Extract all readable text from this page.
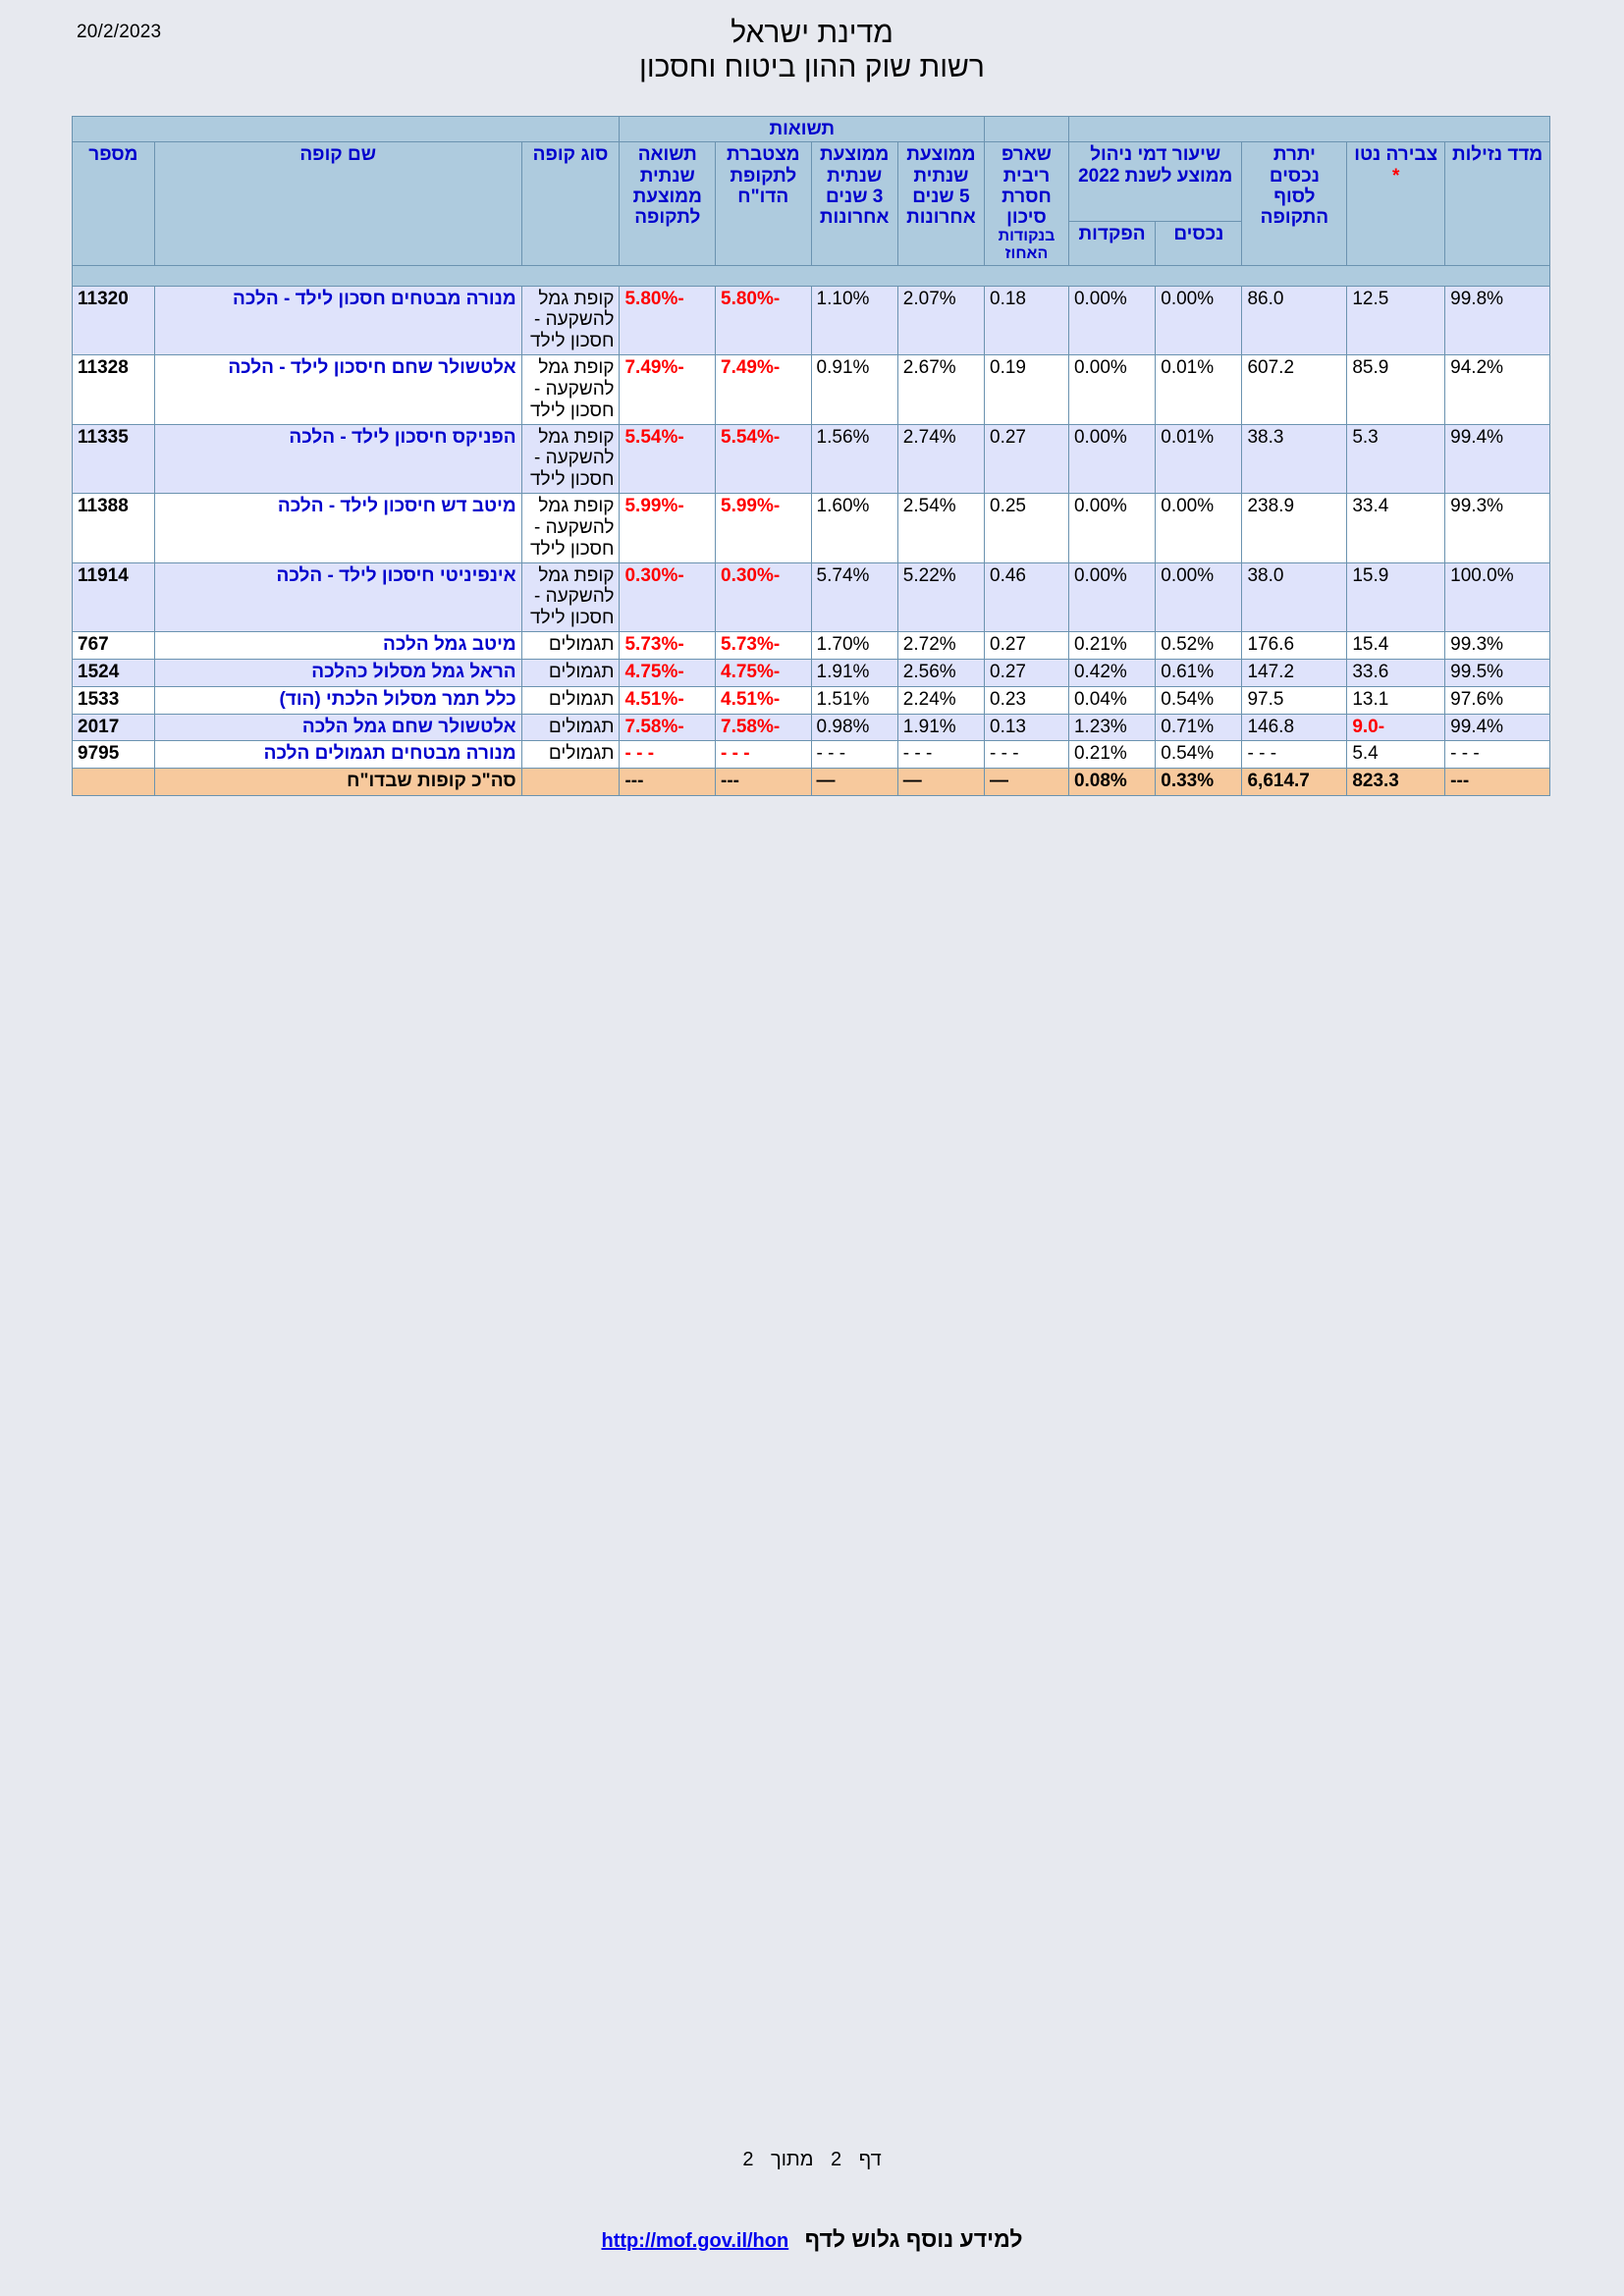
20/2/2023	מדינת ישראל
רשות שוק ההון ביטוח וחסכון
						תשואות						
מדד נזילות	צבירה נטו *	יתרת נכסים לסוף התקופה	שיעור דמי ניהול ממוצע לשנת 2022		שארפ ריבית חסרת סיכון
בנקודות האחוז	ממוצעת שנתית 5 שנים אחרונות	ממוצעת שנתית 3 שנים אחרונות	מצטברת לתקופת הדו"ח	תשואה שנתית ממוצעת לתקופה	סוג קופה	שם קופה	מספר
			נכסים	הפקדות								

99.8%	12.5	86.0	0.00%	0.00%	0.18	2.07%	1.10%	-5.80%	-5.80%	קופת גמל להשקעה - חסכון לילד	מנורה מבטחים חסכון לילד - הלכה	11320
94.2%	85.9	607.2	0.01%	0.00%	0.19	2.67%	0.91%	-7.49%	-7.49%	קופת גמל להשקעה - חסכון לילד	אלטשולר שחם חיסכון לילד - הלכה	11328
99.4%	5.3	38.3	0.01%	0.00%	0.27	2.74%	1.56%	-5.54%	-5.54%	קופת גמל להשקעה - חסכון לילד	הפניקס חיסכון לילד - הלכה	11335
99.3%	33.4	238.9	0.00%	0.00%	0.25	2.54%	1.60%	-5.99%	-5.99%	קופת גמל להשקעה - חסכון לילד	מיטב דש חיסכון לילד - הלכה	11388
100.0%	15.9	38.0	0.00%	0.00%	0.46	5.22%	5.74%	-0.30%	-0.30%	קופת גמל להשקעה - חסכון לילד	אינפיניטי חיסכון לילד - הלכה	11914
99.3%	15.4	176.6	0.52%	0.21%	0.27	2.72%	1.70%	-5.73%	-5.73%	תגמולים	מיטב גמל הלכה	767
99.5%	33.6	147.2	0.61%	0.42%	0.27	2.56%	1.91%	-4.75%	-4.75%	תגמולים	הראל גמל מסלול כהלכה	1524
97.6%	13.1	97.5	0.54%	0.04%	0.23	2.24%	1.51%	-4.51%	-4.51%	תגמולים	כלל תמר מסלול הלכתי (הוד)	1533
99.4%	-9.0	146.8	0.71%	1.23%	0.13	1.91%	0.98%	-7.58%	-7.58%	תגמולים	אלטשולר שחם גמל הלכה	2017
- - -	5.4	- - -	0.54%	0.21%	- - -	- - -	- - -	- - -	- - -	תגמולים	מנורה מבטחים תגמולים הלכה	9795
---	823.3	6,614.7	0.33%	0.08%	—	—	—	---	---		סה"כ קופות שבדו"ח	
דף 2 מתוך 2
למידע נוסף גלוש לדף http://mof.gov.il/hon
